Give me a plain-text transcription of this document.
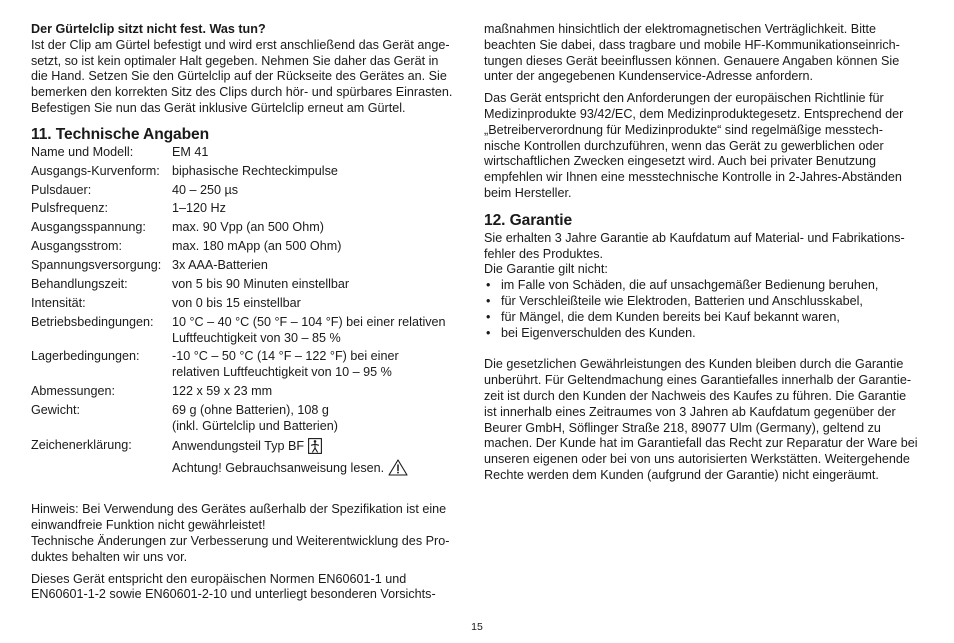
Der Gürtelclip sitzt nicht fest. Was tun?

Ist der Clip am Gürtel befestigt und wird erst anschließend das Gerät ange-

setzt, so ist kein optimaler Halt gegeben. Nehmen Sie daher das Gerät in

die Hand. Setzen Sie den Gürtelclip auf der Rückseite des Gerätes an. Sie

bemerken den korrekten Sitz des Clips durch hör- und spürbares Einrasten.

Befestigen Sie nun das Gerät inklusive Gürtelclip erneut am Gürtel.

11. Technische Angaben
Name und Modell:	EM 41
Ausgangs-Kurvenform: biphasische Rechteckimpulse
Pulsdauer:	40 – 250 µs
Pulsfrequenz:	1–120 Hz
Ausgangsspannung:	max. 90 Vpp (an 500 Ohm)
Ausgangsstrom:	max. 180 mApp (an 500 Ohm)
Spannungsversorgung: 3x AAA-Batterien
Behandlungszeit:	von 5 bis 90 Minuten einstellbar
Intensität:	von 0 bis 15 einstellbar
Betriebsbedingungen:	10 °C – 40 °C (50 °F – 104 °F) bei einer relativen
Luftfeuchtigkeit von 30 – 85 %
Lagerbedingungen:	-10 °C – 50 °C (14 °F – 122 °F) bei einer
relativen Luftfeuchtigkeit von 10 – 95 %
Abmessungen:	122 x 59 x 23 mm
Gewicht:	69 g (ohne Batterien), 108 g
(inkl. Gürtelclip und Batterien)
Zeichenerklärung:	Anwendungsteil Typ BF
Achtung! Gebrauchsanweisung lesen.

Hinweis: Bei Verwendung des Gerätes außerhalb der Spezifikation ist eine

einwandfreie Funktion nicht gewährleistet!

Technische Änderungen zur Verbesserung und Weiterentwicklung des Pro-

duktes behalten wir uns vor.

Dieses Gerät entspricht den europäischen Normen EN60601-1 und

EN60601-1-2 sowie EN60601-2-10 und unterliegt besonderen Vorsichts-

maßnahmen hinsichtlich der elektromagnetischen Verträglichkeit. Bitte

beachten Sie dabei, dass tragbare und mobile HF-Kommunikationseinrich-

tungen dieses Gerät beeinflussen können. Genauere Angaben können Sie

unter der angegebenen Kundenservice-Adresse anfordern.

Das Gerät entspricht den Anforderungen der europäischen Richtlinie für

Medizinprodukte 93/42/EC, dem Medizinproduktegesetz. Entsprechend der

„Betreiberverordnung für Medizinprodukte“ sind regelmäßige messtech-

nische Kontrollen durchzuführen, wenn das Gerät zu gewerblichen oder

wirtschaftlichen Zwecken eingesetzt wird. Auch bei privater Benutzung

empfehlen wir Ihnen eine messtechnische Kontrolle in 2-Jahres-Abständen

beim Hersteller.

12. Garantie

Sie erhalten 3 Jahre Garantie ab Kaufdatum auf Material- und Fabrikations-

fehler des Produktes.

Die Garantie gilt nicht:

• im Falle von Schäden, die auf unsachgemäßer Bedienung beruhen,
• für Verschleißteile wie Elektroden, Batterien und Anschlusskabel,
• für Mängel, die dem Kunden bereits bei Kauf bekannt waren,
• bei Eigenverschulden des Kunden.

Die gesetzlichen Gewährleistungen des Kunden bleiben durch die Garantie

unberührt. Für Geltendmachung eines Garantiefalles innerhalb der Garantie-

zeit ist durch den Kunden der Nachweis des Kaufes zu führen. Die Garantie

ist innerhalb eines Zeitraumes von 3 Jahren ab Kaufdatum gegenüber der

Beurer GmbH, Söflinger Straße 218, 89077 Ulm (Germany), geltend zu

machen. Der Kunde hat im Garantiefall das Recht zur Reparatur der Ware bei

unseren eigenen oder bei von uns autorisierten Werkstätten. Weitergehende

Rechte werden dem Kunden (aufgrund der Garantie) nicht eingeräumt.

15
